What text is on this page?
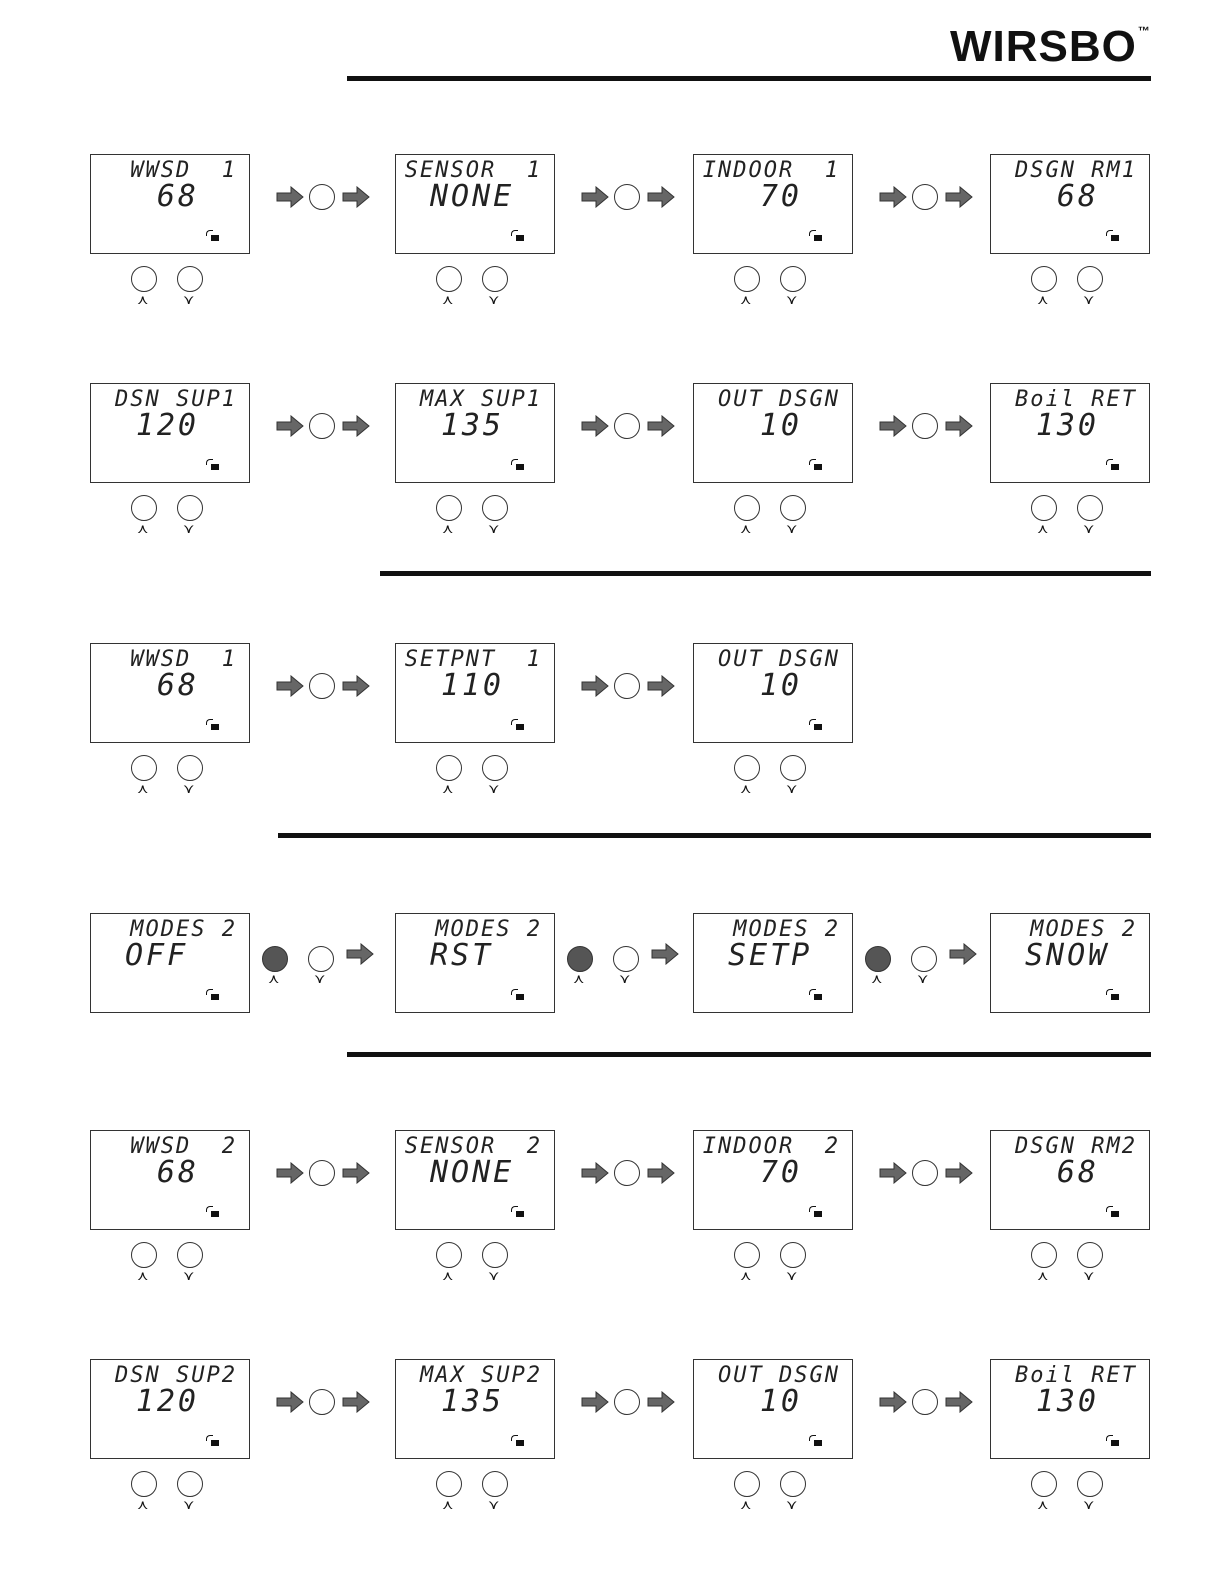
WIRSBO™
WWSD  1
68
⋏	⋎
SENSOR  1
NONE
⋏	⋎
INDOOR  1
70
⋏	⋎
DSGN RM1
68
⋏	⋎
DSN SUP1
120
⋏	⋎
MAX SUP1
135
⋏	⋎
OUT DSGN
10
⋏	⋎
Boil RET
130
⋏	⋎
WWSD  1
68
⋏	⋎
SETPNT  1
110
⋏	⋎
OUT DSGN
10
⋏	⋎
MODES 2
OFF
⋏	⋎
MODES 2
RST
⋏	⋎
MODES 2
SETP
⋏	⋎
MODES 2
SNOW
WWSD  2
68
⋏	⋎
SENSOR  2
NONE
⋏	⋎
INDOOR  2
70
⋏	⋎
DSGN RM2
68
⋏	⋎
DSN SUP2
120
⋏	⋎
MAX SUP2
135
⋏	⋎
OUT DSGN
10
⋏	⋎
Boil RET
130
⋏	⋎
